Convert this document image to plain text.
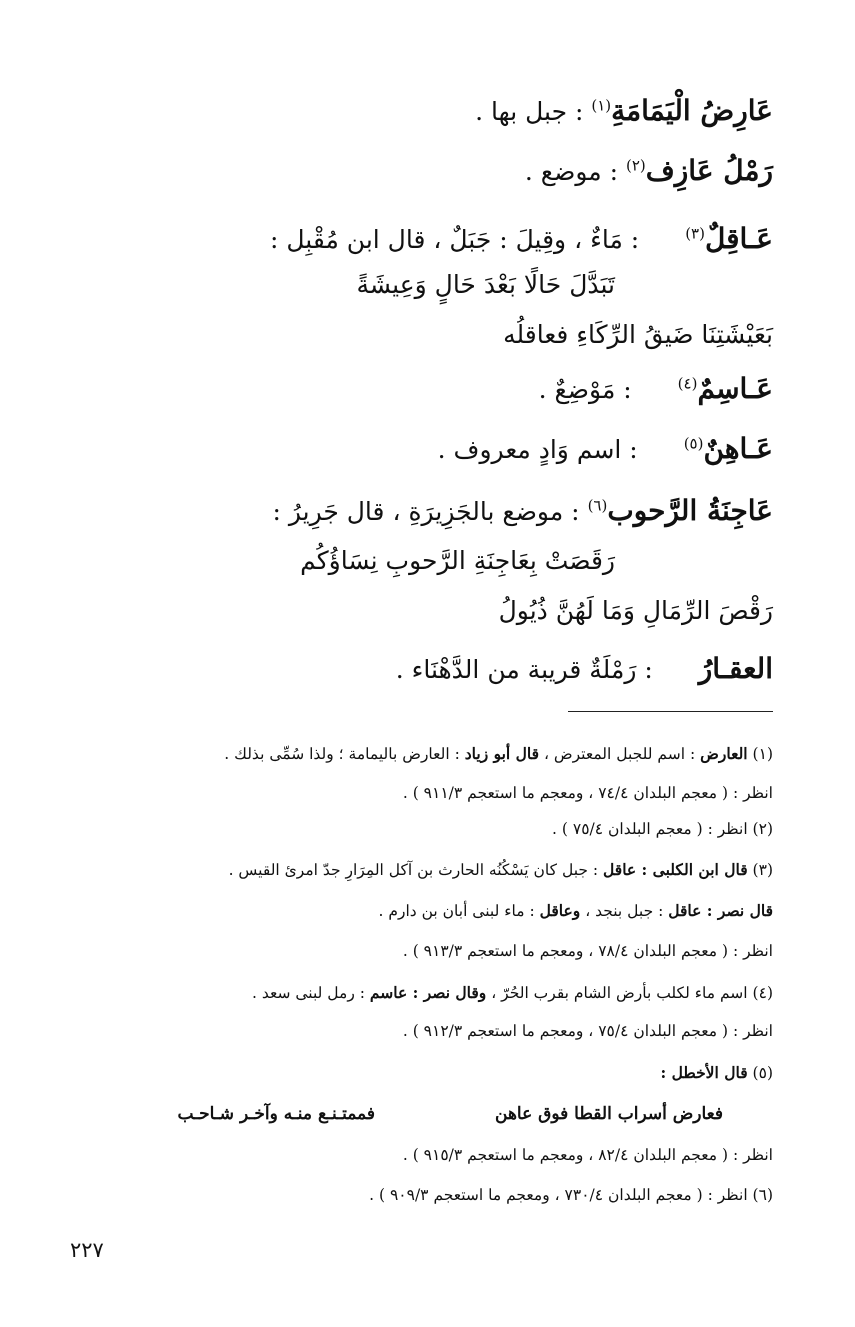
عَارِضُ الْيَمَامَةِ$^{(١)}$ : جبل بها .
رَمْلُ عَازِف$^{(٢)}$ : موضع .
عَـاقِلٌ$^{(٣)}$ : مَاءٌ ، وقِيلَ : جَبَلٌ ، قال ابن مُقْبِل :
تَبَدَّلَ حَالًا بَعْدَ حَالٍ وَعِيشَةً
بَعَيْشَتِنَا ضَيقُ الرِّكَاءِ فعاقلُه
عَـاسِمٌ$^{(٤)}$ : مَوْضِعٌ .
عَـاهِنٌ$^{(٥)}$ : اسم وَادٍ معروف .
عَاجِنَةُ الرَّحوب$^{(٦)}$ : موضع بالجَزِيرَةِ ، قال جَرِيرُ :
رَقَصَتْ بِعَاجِنَةِ الرَّحوبِ نِسَاؤُكُم
رَقْصَ الرِّمَالِ وَمَا لَهُنَّ ذُيُولُ
العقـارُ : رَمْلَةٌ قريبة من الدَّهْنَاء .
(١) العارض : اسم للجبل المعترض ، قال أبو زياد : العارض باليمامة ؛ ولذا سُمِّى بذلك .
انظر : ( معجم البلدان ٧٤/٤ ، ومعجم ما استعجم ٩١١/٣ ) .
(٢) انظر : ( معجم البلدان ٧٥/٤ ) .
(٣) قال ابن الكلبى : عاقل : جبل كان يَسْكُنُه الحارث بن آكل المِرَارِ جدّ امرئ القيس .
قال نصر : عاقل : جبل بنجد ، وعاقل : ماء لبنى أبان بن دارم .
انظر : ( معجم البلدان ٧٨/٤ ، ومعجم ما استعجم ٩١٣/٣ ) .
(٤) اسم ماء لكلب بأرض الشام بقرب الحُرّ ، وقال نصر : عاسم : رمل لبنى سعد .
انظر : ( معجم البلدان ٧٥/٤ ، ومعجم ما استعجم ٩١٢/٣ ) .
(٥) قال الأخطل :
فعارض أسراب القطا فوق عاهن
فممتـنـع منـه وآخـر شـاحـب
انظر : ( معجم البلدان ٨٢/٤ ، ومعجم ما استعجم ٩١٥/٣ ) .
(٦) انظر : ( معجم البلدان ٧٣٠/٤ ، ومعجم ما استعجم ٩٠٩/٣ ) .
٢٢٧
